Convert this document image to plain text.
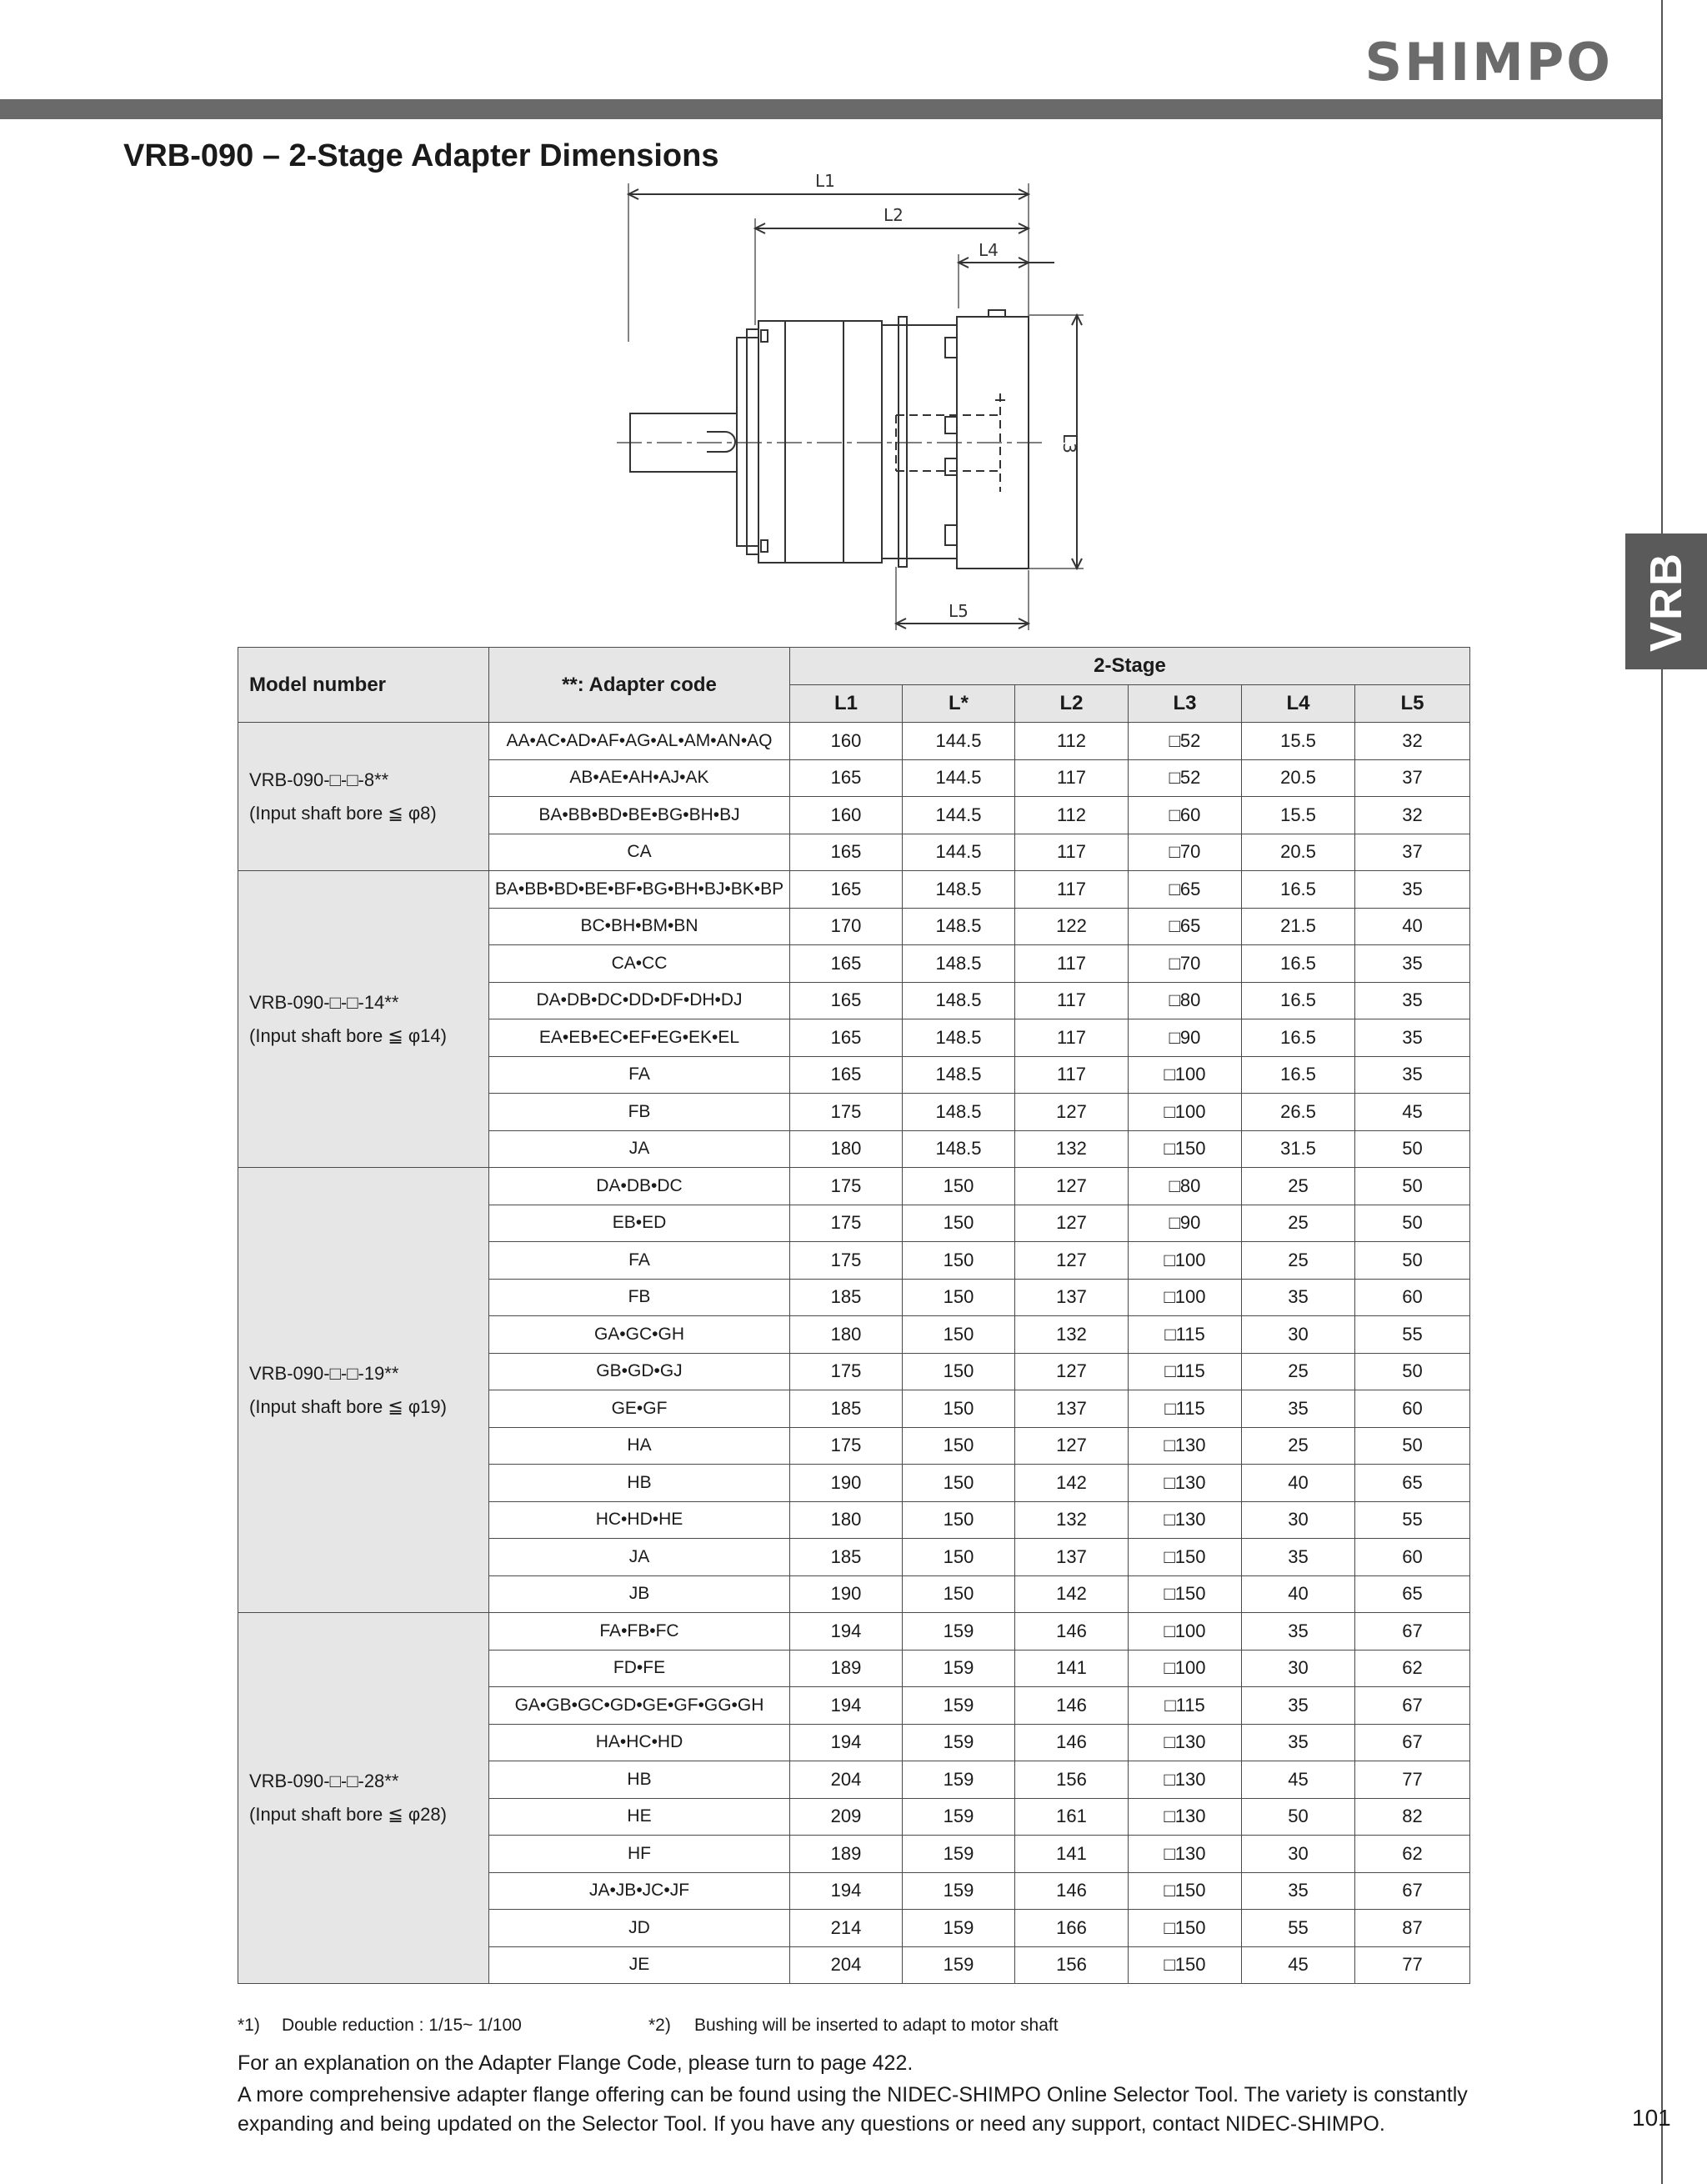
SHIMPO
VRB
VRB-090 – 2-Stage Adapter Dimensions
L1
L2
L4
L3
L5
Model number	**: Adapter code	2-Stage					
		L1	L*	L2	L3	L4	L5

VRB-090-□-□-8**
(Input shaft bore ≦ φ8)	AA•AC•AD•AF•AG•AL•AM•AN•AQ	160	144.5	112	□52	15.5	32
	AB•AE•AH•AJ•AK	165	144.5	117	□52	20.5	37
	BA•BB•BD•BE•BG•BH•BJ	160	144.5	112	□60	15.5	32
	CA	165	144.5	117	□70	20.5	37

VRB-090-□-□-14**
(Input shaft bore ≦ φ14)	BA•BB•BD•BE•BF•BG•BH•BJ•BK•BP	165	148.5	117	□65	16.5	35
	BC•BH•BM•BN	170	148.5	122	□65	21.5	40
	CA•CC	165	148.5	117	□70	16.5	35
	DA•DB•DC•DD•DF•DH•DJ	165	148.5	117	□80	16.5	35
	EA•EB•EC•EF•EG•EK•EL	165	148.5	117	□90	16.5	35
	FA	165	148.5	117	□100	16.5	35
	FB	175	148.5	127	□100	26.5	45
	JA	180	148.5	132	□150	31.5	50

VRB-090-□-□-19**
(Input shaft bore ≦ φ19)	DA•DB•DC	175	150	127	□80	25	50
	EB•ED	175	150	127	□90	25	50
	FA	175	150	127	□100	25	50
	FB	185	150	137	□100	35	60
	GA•GC•GH	180	150	132	□115	30	55
	GB•GD•GJ	175	150	127	□115	25	50
	GE•GF	185	150	137	□115	35	60
	HA	175	150	127	□130	25	50
	HB	190	150	142	□130	40	65
	HC•HD•HE	180	150	132	□130	30	55
	JA	185	150	137	□150	35	60
	JB	190	150	142	□150	40	65

VRB-090-□-□-28**
(Input shaft bore ≦ φ28)	FA•FB•FC	194	159	146	□100	35	67
	FD•FE	189	159	141	□100	30	62
	GA•GB•GC•GD•GE•GF•GG•GH	194	159	146	□115	35	67
	HA•HC•HD	194	159	146	□130	35	67
	HB	204	159	156	□130	45	77
	HE	209	159	161	□130	50	82
	HF	189	159	141	□130	30	62
	JA•JB•JC•JF	194	159	146	□150	35	67
	JD	214	159	166	□150	55	87
	JE	204	159	156	□150	45	77
*1) Double reduction : 1/15~ 1/100	*2) Bushing will be inserted to adapt to motor shaft
For an explanation on the Adapter Flange Code, please turn to page 422.
A more comprehensive adapter flange offering can be found using the NIDEC-SHIMPO Online Selector Tool. The variety is constantly expanding and being updated on the Selector Tool. If you have any questions or need any support, contact NIDEC-SHIMPO.	101
